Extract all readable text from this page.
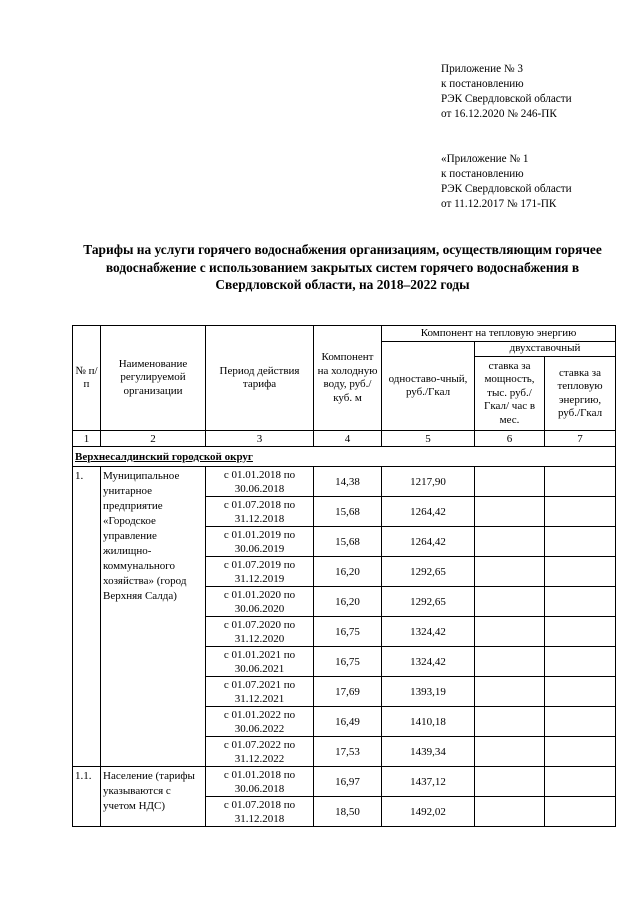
Приложение № 3
к постановлению
РЭК Свердловской области
от 16.12.2020 № 246-ПК
«Приложение № 1
к постановлению
РЭК Свердловской области
от 11.12.2017 № 171-ПК
Тарифы на услуги горячего водоснабжения организациям, осуществляющим горячее водоснабжение с использованием закрытых систем горячего водоснабжения в Свердловской области, на 2018–2022 годы
№ п/п	Наименование регулируемой организации	Период действия тарифа	Компонент на холодную воду, руб./куб. м	Компонент на тепловую энергию		
				одноставо-чный, руб./Гкал	двухставочный	
					ставка за мощность, тыс. руб./Гкал/ час в мес.	ставка за тепловую энергию, руб./Гкал
1	2	3	4	5	6	7
Верхнесалдинский городской округ						
1.	Муниципальное унитарное предприятие «Городское управление жилищно-коммунального хозяйства» (город Верхняя Салда)	с 01.01.2018 по 30.06.2018	14,38	1217,90		
		с 01.07.2018 по 31.12.2018	15,68	1264,42		
		с 01.01.2019 по 30.06.2019	15,68	1264,42		
		с 01.07.2019 по 31.12.2019	16,20	1292,65		
		с 01.01.2020 по 30.06.2020	16,20	1292,65		
		с 01.07.2020 по 31.12.2020	16,75	1324,42		
		с 01.01.2021 по 30.06.2021	16,75	1324,42		
		с 01.07.2021 по 31.12.2021	17,69	1393,19		
		с 01.01.2022 по 30.06.2022	16,49	1410,18		
		с 01.07.2022 по 31.12.2022	17,53	1439,34		
1.1.	Население (тарифы указываются с учетом НДС)	с 01.01.2018 по 30.06.2018	16,97	1437,12		
		с 01.07.2018 по 31.12.2018	18,50	1492,02		
